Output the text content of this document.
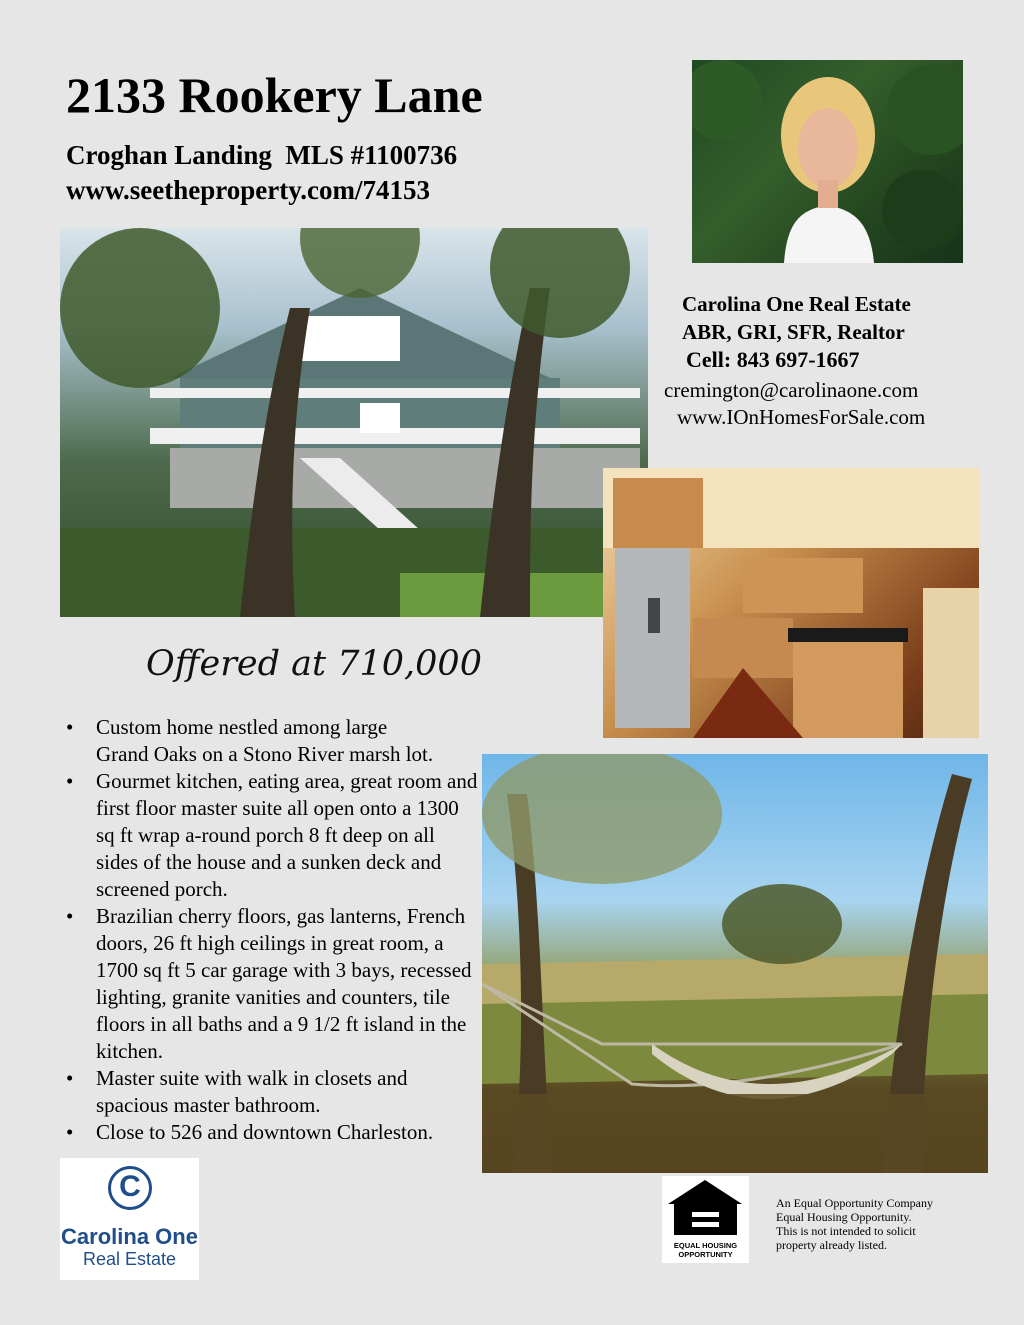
2133 Rookery Lane
Croghan Landing  MLS #1100736
www.seetheproperty.com/74153
Carolina One Real Estate
ABR, GRI, SFR, Realtor
Cell: 843 697-1667
cremington@carolinaone.com
www.IOnHomesForSale.com
Offered at 710,000
• Custom home nestled among large
Grand Oaks on a Stono River marsh lot.
• Gourmet kitchen, eating area, great room and first floor master suite all open onto a 1300 sq ft wrap a-round porch 8 ft deep on all sides of the house and a sunken deck and screened porch.
• Brazilian cherry floors, gas lanterns, French doors, 26 ft high ceilings in great room, a 1700 sq ft 5 car garage with 3 bays, recessed lighting, granite vanities and counters, tile floors in all baths and a 9 1/2 ft island in the kitchen.
• Master suite with walk in closets and spacious master bathroom.
• Close to 526 and downtown Charleston.
C
Carolina One
Real Estate
EQUAL HOUSING
OPPORTUNITY
An Equal Opportunity Company
Equal Housing Opportunity.
This is not intended to solicit
property already listed.
